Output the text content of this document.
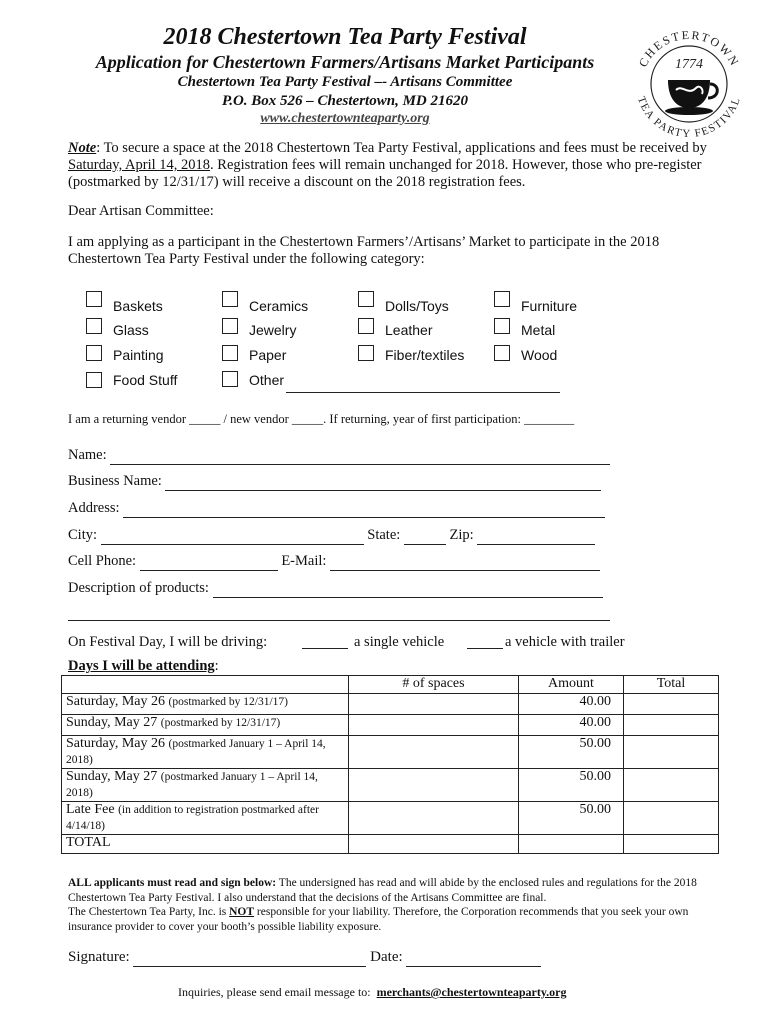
2018 Chestertown Tea Party Festival
Application for Chestertown Farmers/Artisans Market Participants
Chestertown Tea Party Festival –- Artisans Committee
P.O. Box 526 – Chestertown, MD 21620
www.chestertownteaparty.org
CHESTERTOWN
TEA PARTY FESTIVAL
1774
Note: To secure a space at the 2018 Chestertown Tea Party Festival, applications and fees must be received by Saturday, April 14, 2018. Registration fees will remain unchanged for 2018. However, those who pre-register (postmarked by 12/31/17) will receive a discount on the 2018 registration fees.
Dear Artisan Committee:
I am applying as a participant in the Chestertown Farmers’/Artisans’ Market to participate in the 2018 Chestertown Tea Party Festival under the following category:
Baskets	Ceramics	Dolls/Toys	Furniture
Glass	Jewelry	Leather	Metal
Painting	Paper	Fiber/textiles	Wood
Food Stuff	Other
I am a returning vendor _____ / new vendor _____. If returning, year of first participation: ________
Name:
Business Name:
Address:
City:	State:	Zip:
Cell Phone:	E-Mail:
Description of products:
On Festival Day, I will be driving:	a single vehicle	a vehicle with trailer
Days I will be attending:
	# of spaces	Amount	Total
Saturday, May 26 (postmarked by 12/31/17)		40.00	
Sunday, May 27 (postmarked by 12/31/17)		40.00	
Saturday, May 26 (postmarked January 1 – April 14, 2018)		50.00	
Sunday, May 27 (postmarked January 1 – April 14, 2018)		50.00	
Late Fee (in addition to registration postmarked after 4/14/18)		50.00	
TOTAL			
ALL applicants must read and sign below: The undersigned has read and will abide by the enclosed rules and regulations for the 2018 Chestertown Tea Party Festival. I also understand that the decisions of the Artisans Committee are final.
The Chestertown Tea Party, Inc. is NOT responsible for your liability. Therefore, the Corporation recommends that you seek your own insurance provider to cover your booth’s possible liability exposure.
Signature:	Date:
Inquiries, please send email message to: merchants@chestertownteaparty.org
